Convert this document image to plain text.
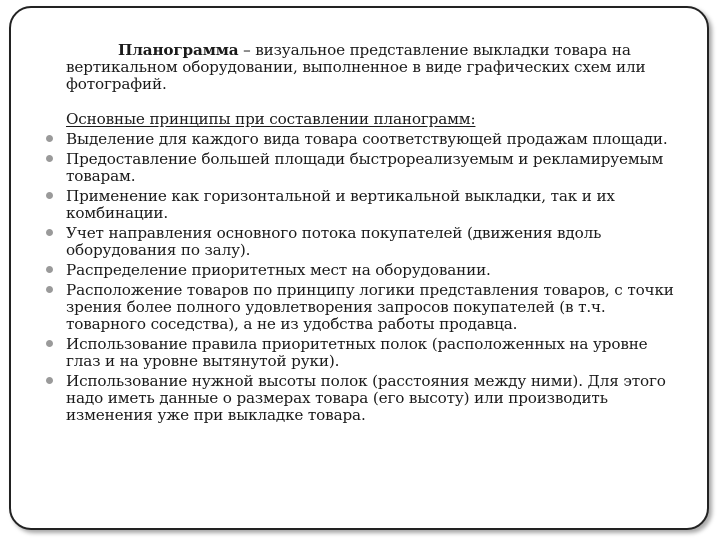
Планограмма – визуальное представление выкладки товара на вертикальном оборудовании, выполненное в виде графических схем или фотографий.

Основные принципы при составлении планограмм:

Выделение для каждого вида товара соответствующей продажам площади.
Предоставление большей площади быстрореализуемым и рекламируемым товарам.
Применение как горизонтальной и вертикальной выкладки, так и их комбинации.
Учет направления основного потока покупателей (движения вдоль оборудования по залу).
Распределение приоритетных мест на оборудовании.
Расположение товаров по принципу логики представления товаров, с точки зрения более полного удовлетворения запросов покупателей (в т.ч. товарного соседства), а не из удобства работы продавца.
Использование правила приоритетных полок (расположенных на уровне глаз и на уровне вытянутой руки).
Использование нужной высоты полок (расстояния между ними). Для этого надо иметь данные о размерах товара (его высоту) или производить изменения уже при выкладке товара.
